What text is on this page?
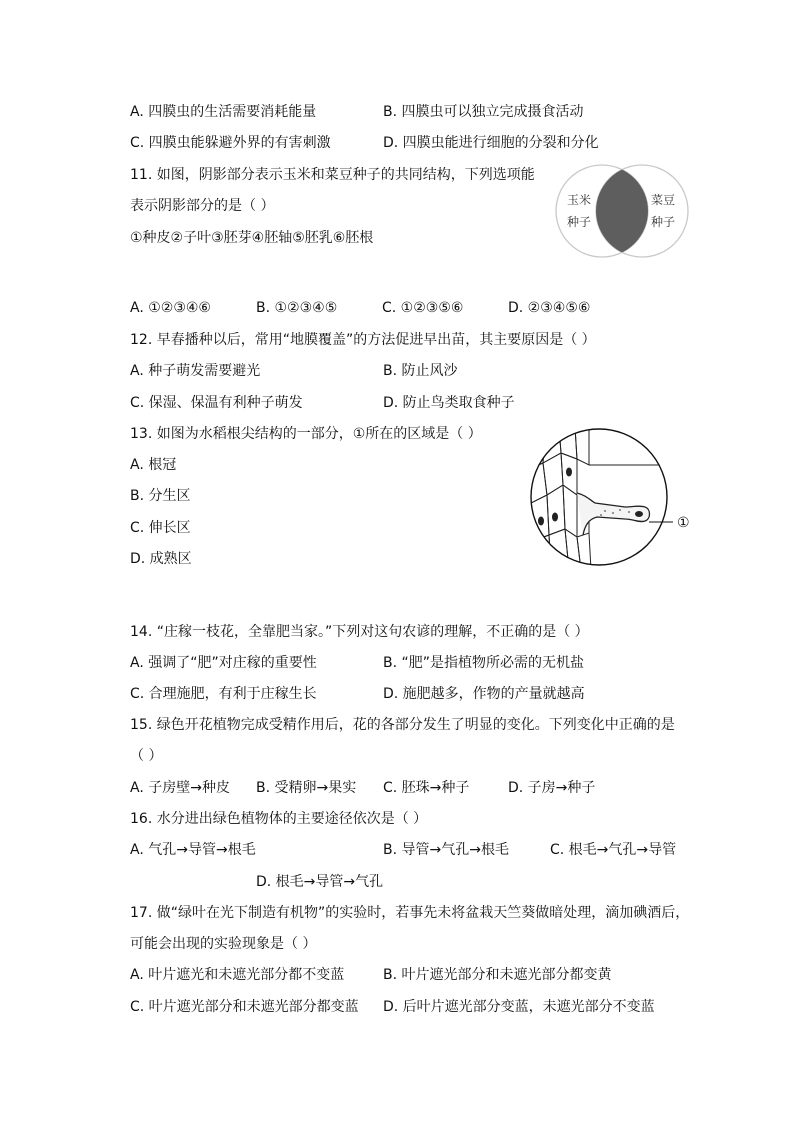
A. 四膜虫的生活需要消耗能量	B. 四膜虫可以独立完成摄食活动
C. 四膜虫能躲避外界的有害刺激	D. 四膜虫能进行细胞的分裂和分化
11. 如图，阴影部分表示玉米和菜豆种子的共同结构，下列选项能
表示阴影部分的是（ ）
①种皮②子叶③胚芽④胚轴⑤胚乳⑥胚根
玉米
种子
菜豆
种子
A. ①②③④⑥	B. ①②③④⑤	C. ①②③⑤⑥	D. ②③④⑤⑥
12. 早春播种以后，常用“地膜覆盖”的方法促进早出苗，其主要原因是（ ）
A. 种子萌发需要避光	B. 防止风沙
C. 保湿、保温有利种子萌发	D. 防止鸟类取食种子
13. 如图为水稻根尖结构的一部分，①所在的区域是（ ）
A. 根冠
B. 分生区
C. 伸长区
D. 成熟区
①
14. “庄稼一枝花，全靠肥当家。”下列对这句农谚的理解，不正确的是（ ）
A. 强调了“肥”对庄稼的重要性	B. “肥”是指植物所必需的无机盐
C. 合理施肥，有利于庄稼生长	D. 施肥越多，作物的产量就越高
15. 绿色开花植物完成受精作用后，花的各部分发生了明显的变化。下列变化中正确的是
（ ）
A. 子房壁→种皮 B. 受精卵→果实 C. 胚珠→种子	D. 子房→种子
16. 水分进出绿色植物体的主要途径依次是（ ）
A. 气孔→导管→根毛	B. 导管→气孔→根毛	C. 根毛→气孔→导管
D. 根毛→导管→气孔
17. 做“绿叶在光下制造有机物”的实验时，若事先未将盆栽天竺葵做暗处理，滴加碘酒后，
可能会出现的实验现象是（ ）
A. 叶片遮光和未遮光部分都不变蓝	B. 叶片遮光部分和未遮光部分都变黄
C. 叶片遮光部分和未遮光部分都变蓝 D. 后叶片遮光部分变蓝，未遮光部分不变蓝
